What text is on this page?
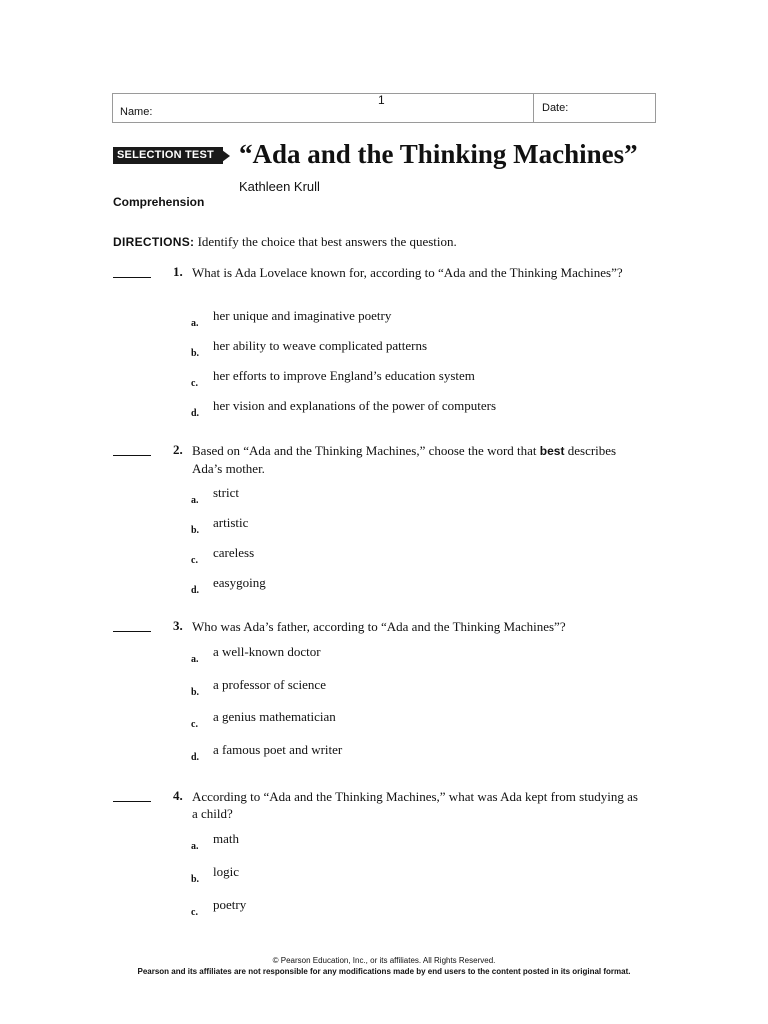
1
Name:	Date:
SELECTION TEST “Ada and the Thinking Machines”
Kathleen Krull
Comprehension
DIRECTIONS: Identify the choice that best answers the question.
1. What is Ada Lovelace known for, according to “Ada and the Thinking Machines”?
a.
her unique and imaginative poetry
b.
her ability to weave complicated patterns
c.
her efforts to improve England’s education system
d.
her vision and explanations of the power of computers
2. Based on “Ada and the Thinking Machines,” choose the word that best describes Ada’s mother.
a.
strict
b.
artistic
c.
careless
d.
easygoing
3. Who was Ada’s father, according to “Ada and the Thinking Machines”?
a.
a well-known doctor
b.
a professor of science
c.
a genius mathematician
d.
a famous poet and writer
4. According to “Ada and the Thinking Machines,” what was Ada kept from studying as a child?
a.
math
b.
logic
c.
poetry
© Pearson Education, Inc., or its affiliates. All Rights Reserved.
Pearson and its affiliates are not responsible for any modifications made by end users to the content posted in its original format.
